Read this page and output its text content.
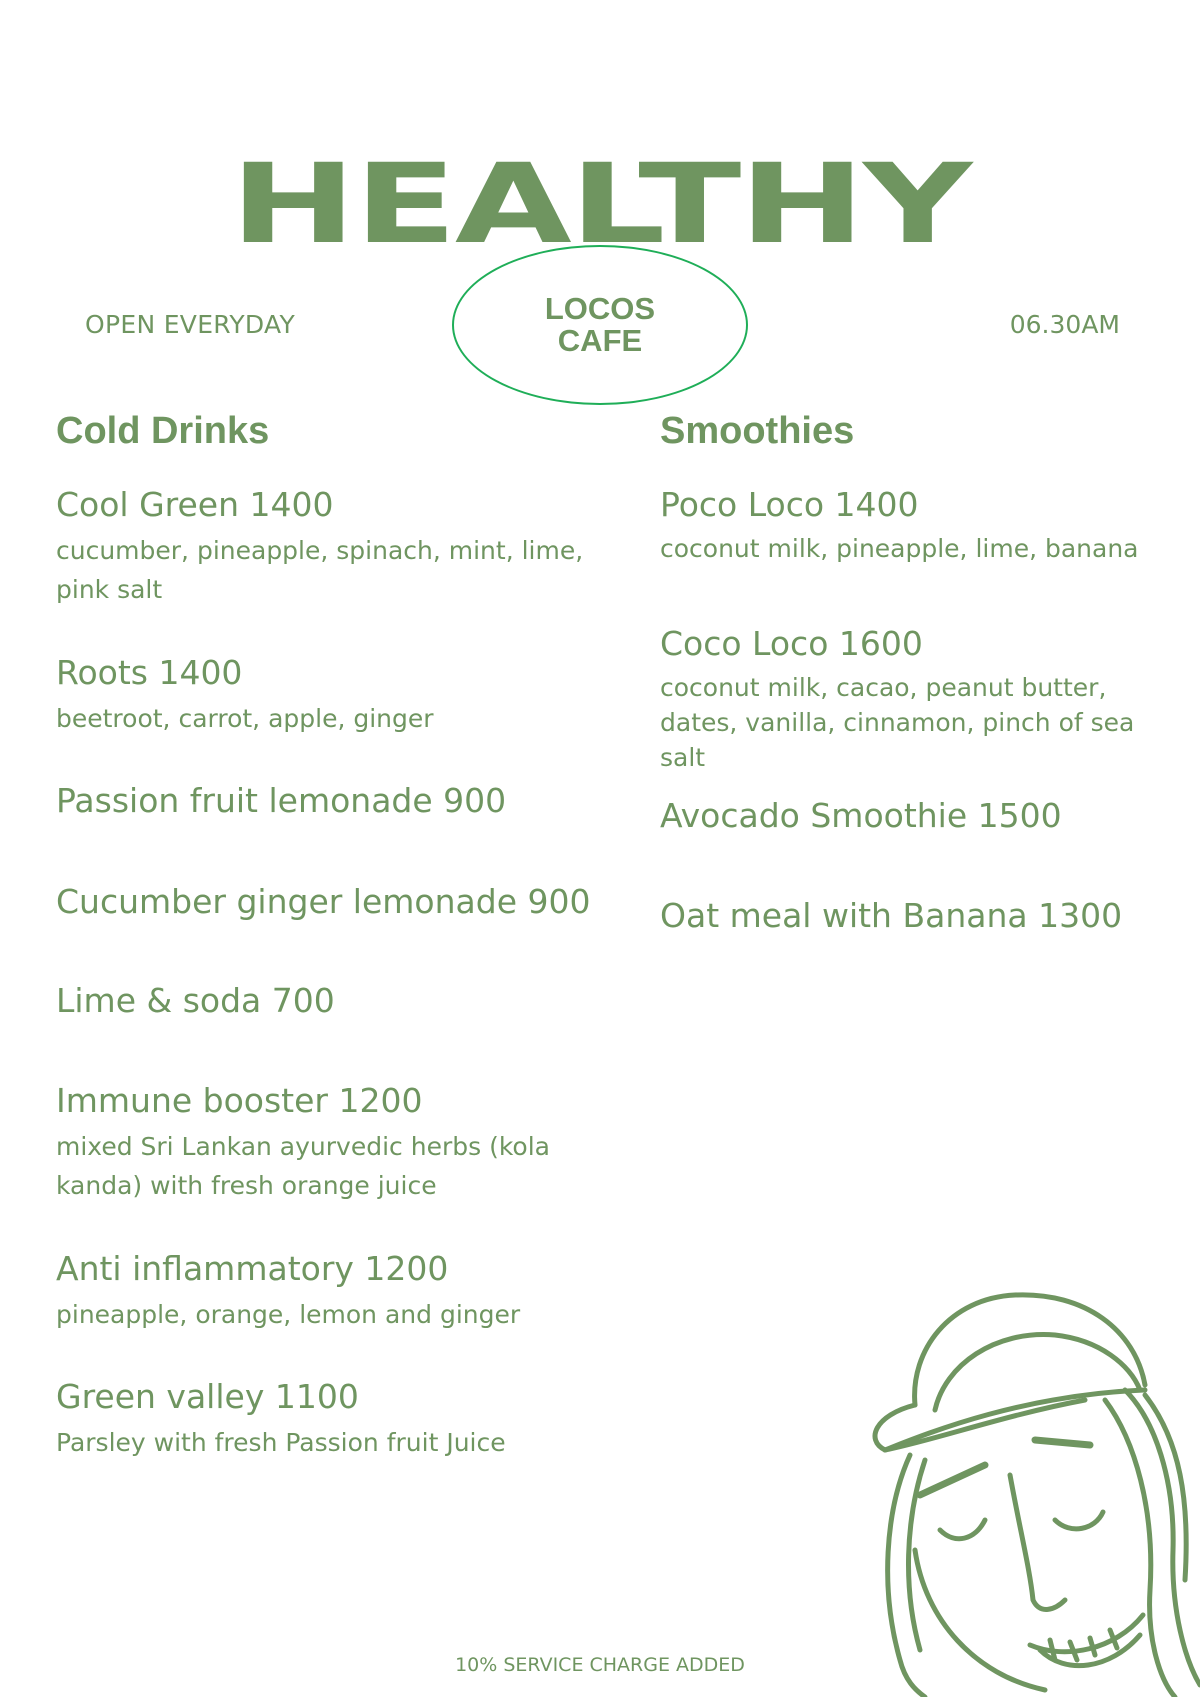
HEALTHY
LOCOS
CAFE
OPEN EVERYDAY	06.30AM
Cold Drinks
Cool Green 1400
cucumber, pineapple, spinach, mint, lime, pink salt
Roots 1400
beetroot, carrot, apple, ginger
Passion fruit lemonade 900
Cucumber ginger lemonade 900
Lime & soda 700
Immune booster 1200
mixed Sri Lankan ayurvedic herbs (kola kanda) with fresh orange juice
Anti inflammatory 1200
pineapple, orange, lemon and ginger
Green valley 1100
Parsley with fresh Passion fruit Juice
Smoothies
Poco Loco 1400
coconut milk, pineapple, lime, banana
Coco Loco 1600
coconut milk, cacao, peanut butter, dates, vanilla, cinnamon, pinch of sea salt
Avocado Smoothie 1500
Oat meal with Banana 1300
10% SERVICE CHARGE ADDED
